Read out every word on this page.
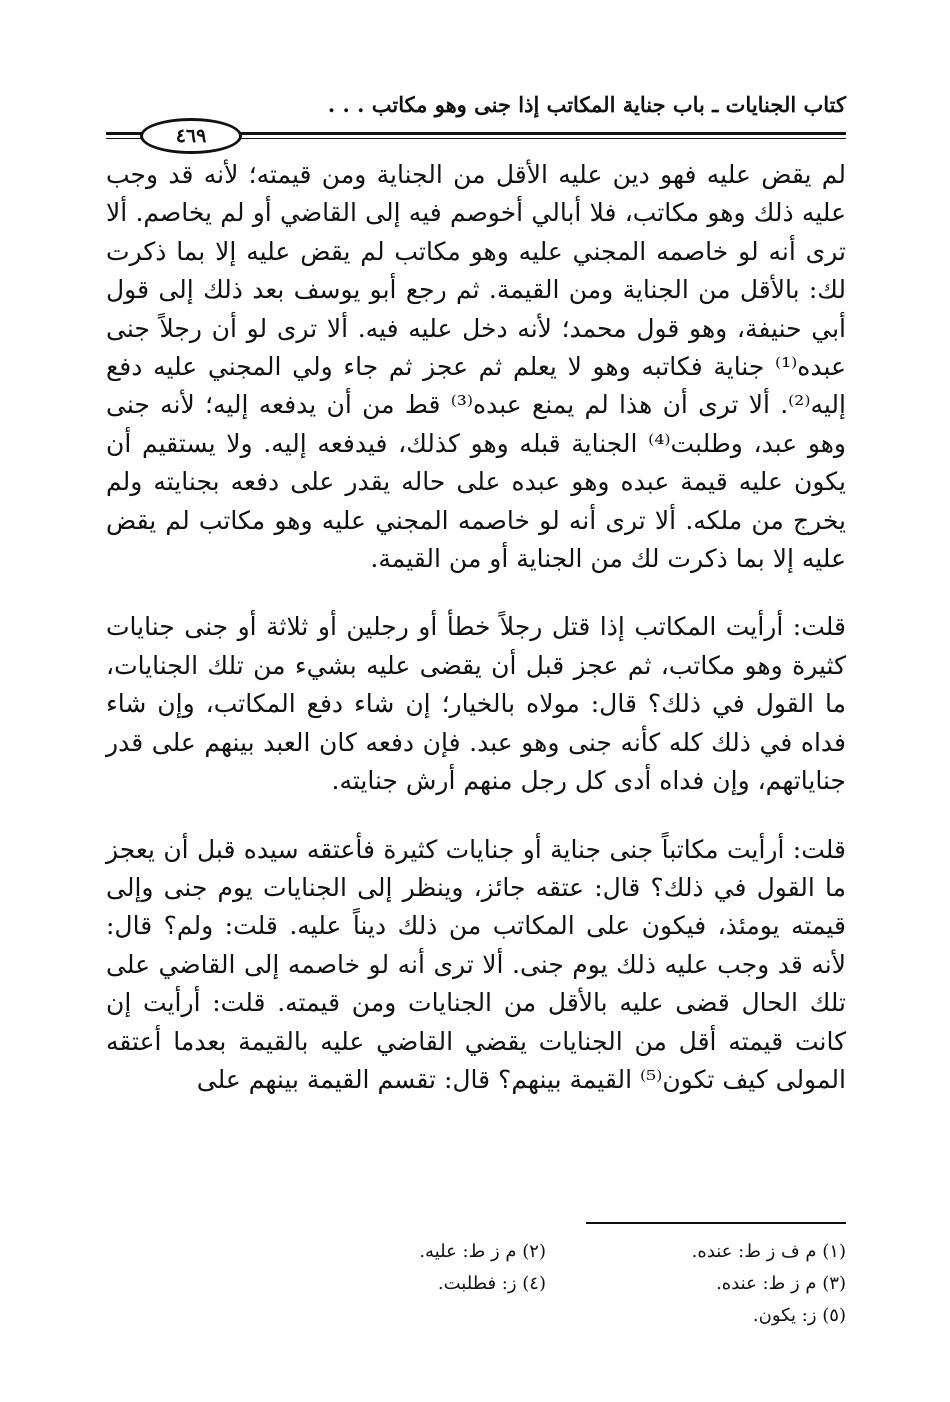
كتاب الجنايات ـ باب جناية المكاتب إذا جنى وهو مكاتب . . .
٤٦٩

لم يقض عليه فهو دين عليه الأقل من الجناية ومن قيمته؛ لأنه قد وجب عليه ذلك وهو مكاتب، فلا أبالي أخوصم فيه إلى القاضي أو لم يخاصم. ألا ترى أنه لو خاصمه المجني عليه وهو مكاتب لم يقض عليه إلا بما ذكرت لك: بالأقل من الجناية ومن القيمة. ثم رجع أبو يوسف بعد ذلك إلى قول أبي حنيفة، وهو قول محمد؛ لأنه دخل عليه فيه. ألا ترى لو أن رجلاً جنى عبده⁽¹⁾ جناية فكاتبه وهو لا يعلم ثم عجز ثم جاء ولي المجني عليه دفع إليه⁽²⁾. ألا ترى أن هذا لم يمنع عبده⁽³⁾ قط من أن يدفعه إليه؛ لأنه جنى وهو عبد، وطلبت⁽⁴⁾ الجناية قبله وهو كذلك، فيدفعه إليه. ولا يستقيم أن يكون عليه قيمة عبده وهو عبده على حاله يقدر على دفعه بجنايته ولم يخرج من ملكه. ألا ترى أنه لو خاصمه المجني عليه وهو مكاتب لم يقض عليه إلا بما ذكرت لك من الجناية أو من القيمة.

قلت: أرأيت المكاتب إذا قتل رجلاً خطأ أو رجلين أو ثلاثة أو جنى جنايات كثيرة وهو مكاتب، ثم عجز قبل أن يقضى عليه بشيء من تلك الجنايات، ما القول في ذلك؟ قال: مولاه بالخيار؛ إن شاء دفع المكاتب، وإن شاء فداه في ذلك كله كأنه جنى وهو عبد. فإن دفعه كان العبد بينهم على قدر جناياتهم، وإن فداه أدى كل رجل منهم أرش جنايته.

قلت: أرأيت مكاتباً جنى جناية أو جنايات كثيرة فأعتقه سيده قبل أن يعجز ما القول في ذلك؟ قال: عتقه جائز، وينظر إلى الجنايات يوم جنى وإلى قيمته يومئذ، فيكون على المكاتب من ذلك ديناً عليه. قلت: ولم؟ قال: لأنه قد وجب عليه ذلك يوم جنى. ألا ترى أنه لو خاصمه إلى القاضي على تلك الحال قضى عليه بالأقل من الجنايات ومن قيمته. قلت: أرأيت إن كانت قيمته أقل من الجنايات يقضي القاضي عليه بالقيمة بعدما أعتقه المولى كيف تكون⁽⁵⁾ القيمة بينهم؟ قال: تقسم القيمة بينهم على

(١) م ف ز ط: عنده.
(٢) م ز ط: عليه.
(٣) م ز ط: عنده.
(٤) ز: فطلبت.
(٥) ز: يكون.
